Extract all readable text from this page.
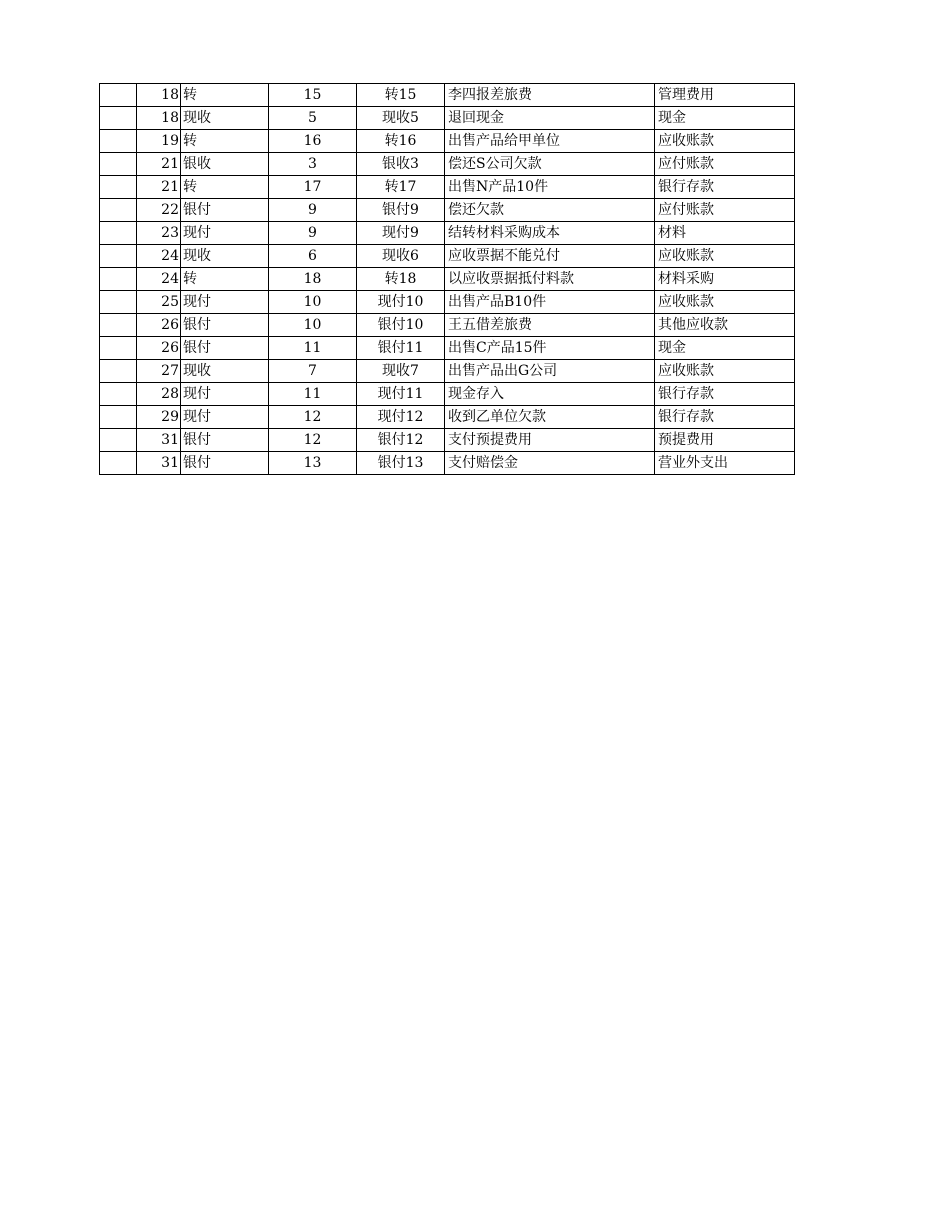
	18	转	15	转15	李四报差旅费	管理费用
	18	现收	5	现收5	退回现金	现金
	19	转	16	转16	出售产品给甲单位	应收账款
	21	银收	3	银收3	偿还S公司欠款	应付账款
	21	转	17	转17	出售N产品10件	银行存款
	22	银付	9	银付9	偿还欠款	应付账款
	23	现付	9	现付9	结转材料采购成本	材料
	24	现收	6	现收6	应收票据不能兑付	应收账款
	24	转	18	转18	以应收票据抵付料款	材料采购
	25	现付	10	现付10	出售产品B10件	应收账款
	26	银付	10	银付10	王五借差旅费	其他应收款
	26	银付	11	银付11	出售C产品15件	现金
	27	现收	7	现收7	出售产品出G公司	应收账款
	28	现付	11	现付11	现金存入	银行存款
	29	现付	12	现付12	收到乙单位欠款	银行存款
	31	银付	12	银付12	支付预提费用	预提费用
	31	银付	13	银付13	支付赔偿金	营业外支出
